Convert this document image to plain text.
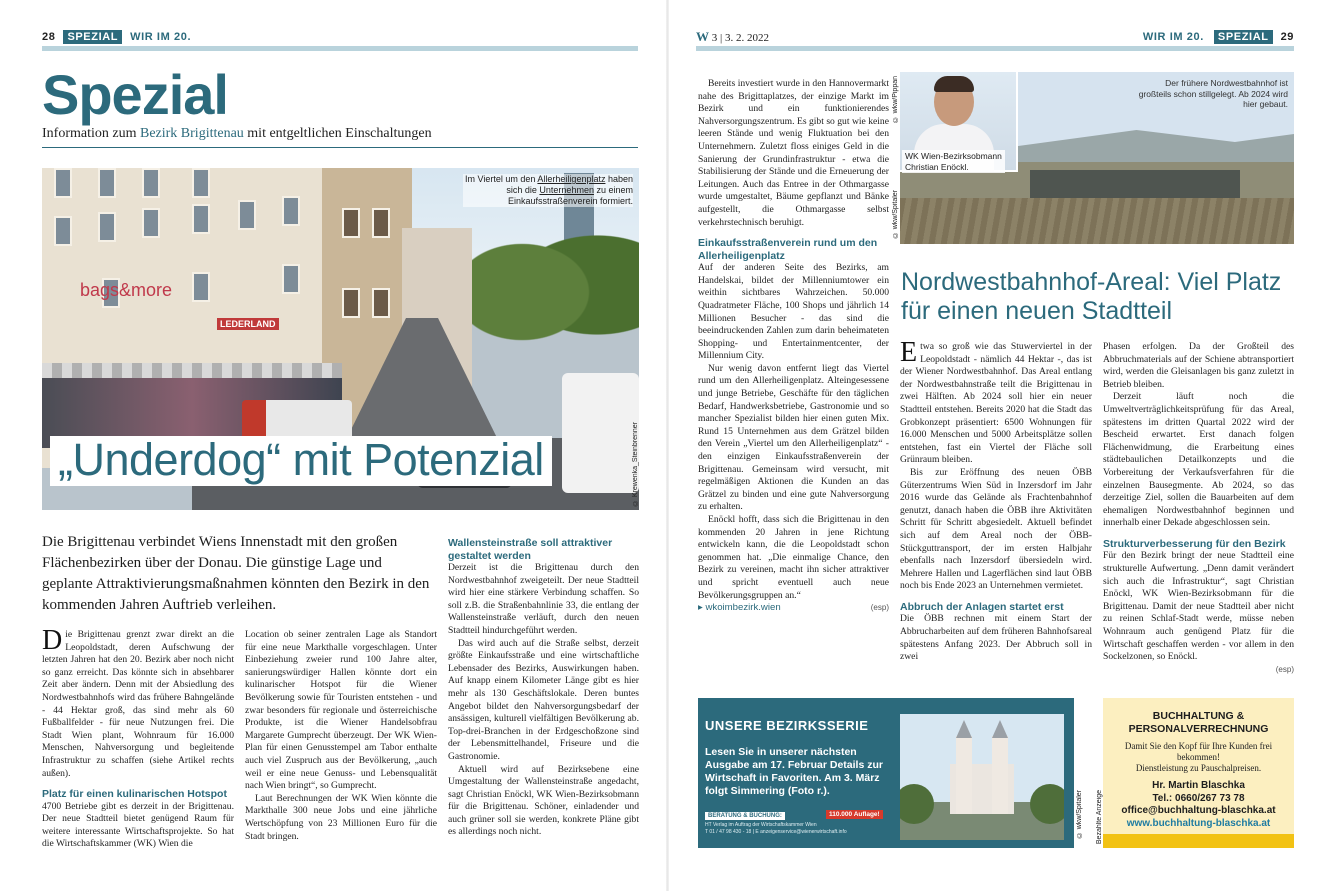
28	SPEZIAL	WIR IM 20.
Spezial
Information zum Bezirk Brigittenau mit entgeltlichen Einschaltungen
bags&more
LEDERLAND
Im Viertel um den Allerheiligenplatz haben sich die Unternehmen zu einem Einkaufsstraßenverein formiert.
© Krewenka_Steinbrenner
„Underdog“ mit Potenzial
Die Brigittenau verbindet Wiens Innenstadt mit den großen Flächenbezirken über der Donau. Die günstige Lage und geplante Attraktivierungsmaßnahmen könnten den Bezirk in den kommenden Jahren Auftrieb verleihen.

Die Brigittenau grenzt zwar direkt an die Leopoldstadt, deren Aufschwung der letzten Jahren hat den 20. Bezirk aber noch nicht so ganz erreicht. Das könnte sich in absehbarer Zeit aber ändern. Denn mit der Absiedlung des Nordwestbahnhofs wird das frühere Bahngelände - 44 Hektar groß, das sind mehr als 60 Fußballfelder - für neue Nutzungen frei. Die Stadt Wien plant, Wohnraum für 16.000 Menschen, Nahversorgung und begleitende Infrastruktur zu schaffen (siehe Artikel rechts außen).

Platz für einen kulinarischen Hotspot

4700 Betriebe gibt es derzeit in der Brigittenau. Der neue Stadtteil bietet genügend Raum für weitere interessante Wirtschaftsprojekte. So hat die Wirtschaftskammer (WK) Wien die

Location ob seiner zentralen Lage als Standort für eine neue Markthalle vorgeschlagen. Unter Einbeziehung zweier rund 100 Jahre alter, sanierungswürdiger Hallen könnte dort ein kulinarischer Hotspot für die Wiener Bevölkerung sowie für Touristen entstehen - und zwar besonders für regionale und österreichische Produkte, ist die Wiener Handelsobfrau Margarete Gumprecht überzeugt. Der WK Wien-Plan für einen Genusstempel am Tabor enthalte auch viel Zuspruch aus der Bevölkerung, „auch weil er eine neue Genuss- und Lebensqualität nach Wien bringt“, so Gumprecht.

Laut Berechnungen der WK Wien könnte die Markthalle 300 neue Jobs und eine jährliche Wertschöpfung von 23 Millionen Euro für die Stadt bringen.

Wallensteinstraße soll attraktiver gestaltet werden

Derzeit ist die Brigittenau durch den Nordwestbahnhof zweigeteilt. Der neue Stadtteil wird hier eine stärkere Verbindung schaffen. So soll z.B. die Straßenbahnlinie 33, die entlang der Wallensteinstraße verläuft, durch den neuen Stadtteil hindurchgeführt werden.

Das wird auch auf die Straße selbst, derzeit größte Einkaufsstraße und eine wirtschaftliche Lebensader des Bezirks, Auswirkungen haben. Auf knapp einem Kilometer Länge gibt es hier mehr als 130 Geschäftslokale. Deren buntes Angebot bildet den Nahversorgungsbedarf der ansässigen, kulturell vielfältigen Bevölkerung ab. Top-drei-Branchen in der Erdgeschoßzone sind der Lebensmittelhandel, Friseure und die Gastronomie.

Aktuell wird auf Bezirksebene eine Umgestaltung der Wallensteinstraße angedacht, sagt Christian Enöckl, WK Wien-Bezirksobmann für die Brigittenau. Schöner, einladender und auch grüner soll sie werden, konkrete Pläne gibt es allerdings noch nicht.

W 3 | 3. 2. 2022	WIR IM 20.	SPEZIAL	29

Bereits investiert wurde in den Hannovermarkt nahe des Brigittaplatzes, der einzige Markt im Bezirk und ein funktionierendes Nahversorgungszentrum. Es gibt so gut wie keine leeren Stände und wenig Fluktuation bei den Unternehmern. Zuletzt floss einiges Geld in die Sanierung der Grundinfrastruktur - etwa die Stabilisierung der Stände und die Erneuerung der Leitungen. Auch das Entree in der Othmargasse wurde umgestaltet, Bäume gepflanzt und Bänke aufgestellt, die Othmargasse selbst verkehrstechnisch beruhigt.

Einkaufsstraßenverein rund um den Allerheiligenplatz

Auf der anderen Seite des Bezirks, am Handelskai, bildet der Millenniumtower ein weithin sichtbares Wahrzeichen. 50.000 Quadratmeter Fläche, 100 Shops und jährlich 14 Millionen Besucher - das sind die beeindruckenden Zahlen zum darin beheimateten Shopping- und Entertainmentcenter, der Millennium City.

Nur wenig davon entfernt liegt das Viertel rund um den Allerheiligenplatz. Alteingesessene und junge Betriebe, Geschäfte für den täglichen Bedarf, Handwerksbetriebe, Gastronomie und so mancher Spezialist bilden hier einen guten Mix. Rund 15 Unternehmen aus dem Grätzel bilden den Verein „Viertel um den Allerheiligenplatz“ - den einzigen Einkaufsstraßenverein der Brigittenau. Gemeinsam wird versucht, mit regelmäßigen Aktionen die Kunden an das Grätzel zu binden und eine gute Nahversorgung zu erhalten.

Enöckl hofft, dass sich die Brigittenau in den kommenden 20 Jahren in jene Richtung entwickeln kann, die die Leopoldstadt schon genommen hat. „Die einmalige Chance, den Bezirk zu vereinen, macht ihn sicher attraktiver und spricht eventuell auch neue Bevölkerungsgruppen an.“

(esp)
▸ wkoimbezirk.wien

© wkw/Pippan
© wkw/Spitaler
WK Wien-Bezirksobmann
Christian Enöckl.
Der frühere Nordwestbahnhof ist großteils schon stillgelegt. Ab 2024 wird hier gebaut.
Nordwestbahnhof-Areal: Viel Platz für einen neuen Stadtteil

Etwa so groß wie das Stuwerviertel in der Leopoldstadt - nämlich 44 Hektar -, das ist der Wiener Nordwestbahnhof. Das Areal entlang der Nordwestbahnstraße teilt die Brigittenau in zwei Hälften. Ab 2024 soll hier ein neuer Stadtteil entstehen. Bereits 2020 hat die Stadt das Grobkonzept präsentiert: 6500 Wohnungen für 16.000 Menschen und 5000 Arbeitsplätze sollen entstehen, fast ein Viertel der Fläche soll Grünraum bleiben.

Bis zur Eröffnung des neuen ÖBB Güterzentrums Wien Süd in Inzersdorf im Jahr 2016 wurde das Gelände als Frachtenbahnhof genutzt, danach haben die ÖBB ihre Aktivitäten Schritt für Schritt abgesiedelt. Aktuell befindet sich auf dem Areal noch der ÖBB-Stückguttransport, der im ersten Halbjahr ebenfalls nach Inzersdorf übersiedeln wird. Mehrere Hallen und Lagerflächen sind laut ÖBB noch bis Ende 2023 an Unternehmen vermietet.

Abbruch der Anlagen startet erst

Die ÖBB rechnen mit einem Start der Abbrucharbeiten auf dem früheren Bahnhofsareal spätestens Anfang 2023. Der Abbruch soll in zwei

Phasen erfolgen. Da der Großteil des Abbruchmaterials auf der Schiene abtransportiert wird, werden die Gleisanlagen bis ganz zuletzt in Betrieb bleiben.

Derzeit läuft noch die Umweltverträglichkeitsprüfung für das Areal, spätestens im dritten Quartal 2022 wird der Bescheid erwartet. Erst danach folgen Flächenwidmung, die Erarbeitung eines städtebaulichen Detailkonzepts und die Vorbereitung der Verkaufsverfahren für die einzelnen Bausegmente. Ab 2024, so das derzeitige Ziel, sollen die Bauarbeiten auf dem ehemaligen Nordwestbahnhof beginnen und innerhalb einer Dekade abgeschlossen sein.

Strukturverbesserung für den Bezirk

Für den Bezirk bringt der neue Stadtteil eine strukturelle Aufwertung. „Denn damit verändert sich auch die Infrastruktur“, sagt Christian Enöckl, WK Wien-Bezirksobmann für die Brigittenau. Damit der neue Stadtteil aber nicht zu reinen Schlaf-Stadt werde, müsse neben Wohnraum auch genügend Platz für die Wirtschaft geschaffen werden - vor allem in den Sockelzonen, so Enöckl.

(esp)

UNSERE BEZIRKSSERIE
Lesen Sie in unserer nächsten Ausgabe am 17. Februar Details zur Wirtschaft in Favoriten. Am 3. März folgt Simmering (Foto r.).
BERATUNG & BUCHUNG:	110.000 Auflage!
HT Verlag im Auftrag der Wirtschaftskammer Wien
T 01 / 47 98 430 - 18 | E anzeigenservice@wienerwirtschaft.info	© wkw/Spitaler Bezahlte Anzeige
BUCHHALTUNG &
PERSONALVERRECHNUNG
Damit Sie den Kopf für Ihre Kunden frei
bekommen!
Dienstleistung zu Pauschalpreisen.
Hr. Martin Blaschka
Tel.: 0660/267 73 78
office@buchhaltung-blaschka.at
www.buchhaltung-blaschka.at
